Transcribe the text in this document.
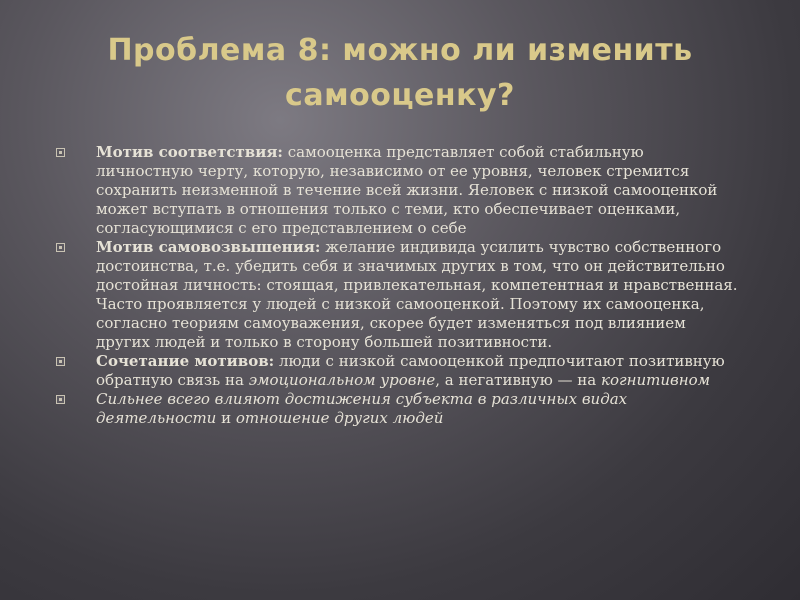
Проблема 8: можно ли изменить самооценку?

Мотив соответствия: самооценка представляет собой стабильную личностную черту, которую, независимо от ее уровня, человек стремится сохранить неизменной в течение всей жизни. Яеловек с низкой самооценкой может вступать в отношения только с теми, кто обеспечивает оценками, согласующимися с его представлением о себе

Мотив самовозвышения: желание индивида усилить чувство собственного достоинства, т.е. убедить себя и значимых других в том, что он действительно достойная личность: стоящая, привлекательная, компетентная и нравственная. Часто проявляется у людей с низкой самооценкой. Поэтому их самооценка, согласно теориям самоуважения, скорее будет изменяться под влиянием других людей и только в сторону большей позитивности.

Сочетание мотивов: люди с низкой самооценкой предпочитают позитивную обратную связь на эмоциональном уровне, а негативную — на когнитивном

Сильнее всего влияют достижения субъекта в различных видах деятельности и отношение других людей
